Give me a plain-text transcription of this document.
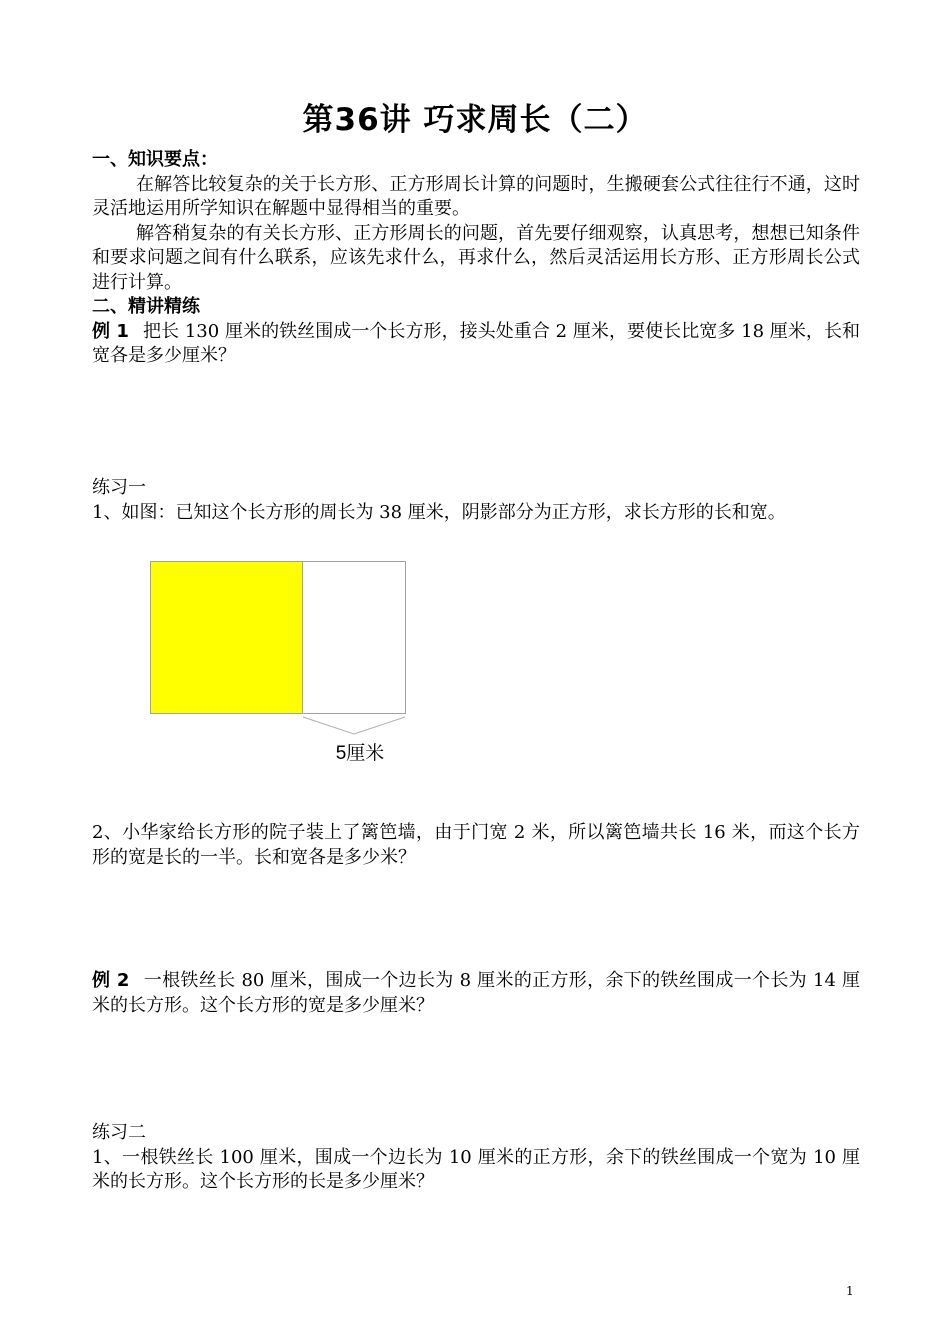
第36讲 巧求周长（二）
一、知识要点：
在解答比较复杂的关于长方形、正方形周长计算的问题时，生搬硬套公式往往行不通，这时灵活地运用所学知识在解题中显得相当的重要。
解答稍复杂的有关长方形、正方形周长的问题，首先要仔细观察，认真思考，想想已知条件和要求问题之间有什么联系，应该先求什么，再求什么，然后灵活运用长方形、正方形周长公式进行计算。
二、精讲精练
例 1 把长 130 厘米的铁丝围成一个长方形，接头处重合 2 厘米，要使长比宽多 18 厘米，长和宽各是多少厘米？
练习一
1、如图：已知这个长方形的周长为 38 厘米，阴影部分为正方形，求长方形的长和宽。
5厘米
2、小华家给长方形的院子装上了篱笆墙，由于门宽 2 米，所以篱笆墙共长 16 米，而这个长方形的宽是长的一半。长和宽各是多少米？
例 2 一根铁丝长 80 厘米，围成一个边长为 8 厘米的正方形，余下的铁丝围成一个长为 14 厘米的长方形。这个长方形的宽是多少厘米？
练习二
1、一根铁丝长 100 厘米，围成一个边长为 10 厘米的正方形，余下的铁丝围成一个宽为 10 厘米的长方形。这个长方形的长是多少厘米？
1
